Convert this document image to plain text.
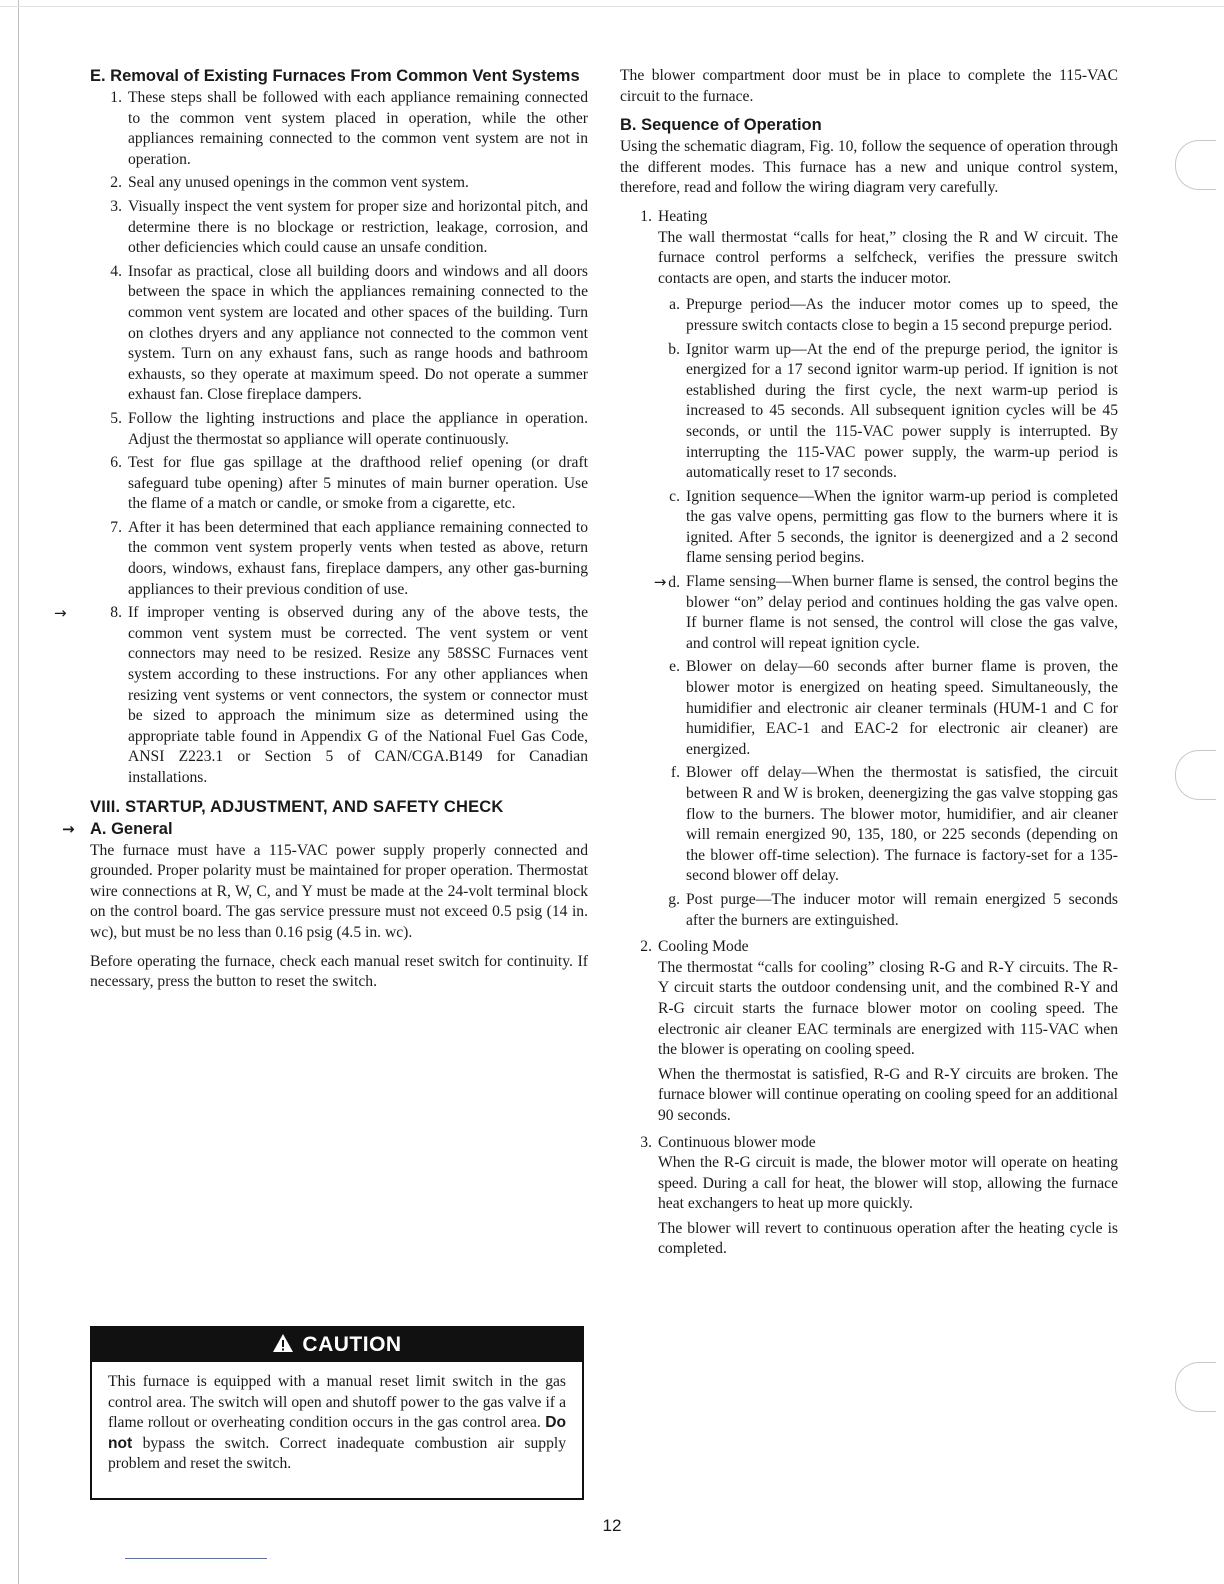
E. Removal of Existing Furnaces From Common Vent Systems
1. These steps shall be followed with each appliance remaining connected to the common vent system placed in operation, while the other appliances remaining connected to the common vent system are not in operation.
2. Seal any unused openings in the common vent system.
3. Visually inspect the vent system for proper size and horizontal pitch, and determine there is no blockage or restriction, leakage, corrosion, and other deficiencies which could cause an unsafe condition.
4. Insofar as practical, close all building doors and windows and all doors between the space in which the appliances remaining connected to the common vent system are located and other spaces of the building. Turn on clothes dryers and any appliance not connected to the common vent system. Turn on any exhaust fans, such as range hoods and bathroom exhausts, so they operate at maximum speed. Do not operate a summer exhaust fan. Close fireplace dampers.
5. Follow the lighting instructions and place the appliance in operation. Adjust the thermostat so appliance will operate continuously.
6. Test for flue gas spillage at the drafthood relief opening (or draft safeguard tube opening) after 5 minutes of main burner operation. Use the flame of a match or candle, or smoke from a cigarette, etc.
7. After it has been determined that each appliance remaining connected to the common vent system properly vents when tested as above, return doors, windows, exhaust fans, fireplace dampers, any other gas-burning appliances to their previous condition of use.
→	8. If improper venting is observed during any of the above tests, the common vent system must be corrected. The vent system or vent connectors may need to be resized. Resize any 58SSC Furnaces vent system according to these instructions. For any other appliances when resizing vent systems or vent connectors, the system or connector must be sized to approach the minimum size as determined using the appropriate table found in Appendix G of the National Fuel Gas Code, ANSI Z223.1 or Section 5 of CAN/CGA.B149 for Canadian installations.
VIII. STARTUP, ADJUSTMENT, AND SAFETY CHECK
→ A. General

The furnace must have a 115-VAC power supply properly connected and grounded. Proper polarity must be maintained for proper operation. Thermostat wire connections at R, W, C, and Y must be made at the 24-volt terminal block on the control board. The gas service pressure must not exceed 0.5 psig (14 in. wc), but must be no less than 0.16 psig (4.5 in. wc).

Before operating the furnace, check each manual reset switch for continuity. If necessary, press the button to reset the switch.

CAUTION
This furnace is equipped with a manual reset limit switch in the gas control area. The switch will open and shutoff power to the gas valve if a flame rollout or overheating condition occurs in the gas control area. Do not bypass the switch. Correct inadequate combustion air supply problem and reset the switch.

The blower compartment door must be in place to complete the 115-VAC circuit to the furnace.

B. Sequence of Operation

Using the schematic diagram, Fig. 10, follow the sequence of operation through the different modes. This furnace has a new and unique control system, therefore, read and follow the wiring diagram very carefully.

1. Heating
The wall thermostat “calls for heat,” closing the R and W circuit. The furnace control performs a selfcheck, verifies the pressure switch contacts are open, and starts the inducer motor.
a. Prepurge period—As the inducer motor comes up to speed, the pressure switch contacts close to begin a 15 second prepurge period.
b. Ignitor warm up—At the end of the prepurge period, the ignitor is energized for a 17 second ignitor warm-up period. If ignition is not established during the first cycle, the next warm-up period is increased to 45 seconds. All subsequent ignition cycles will be 45 seconds, or until the 115-VAC power supply is interrupted. By interrupting the 115-VAC power supply, the warm-up period is automatically reset to 17 seconds.
c. Ignition sequence—When the ignitor warm-up period is completed the gas valve opens, permitting gas flow to the burners where it is ignited. After 5 seconds, the ignitor is deenergized and a 2 second flame sensing period begins.
→ d. Flame sensing—When burner flame is sensed, the control begins the blower “on” delay period and continues holding the gas valve open. If burner flame is not sensed, the control will close the gas valve, and control will repeat ignition cycle.
e. Blower on delay—60 seconds after burner flame is proven, the blower motor is energized on heating speed. Simultaneously, the humidifier and electronic air cleaner terminals (HUM-1 and C for humidifier, EAC-1 and EAC-2 for electronic air cleaner) are energized.
f. Blower off delay—When the thermostat is satisfied, the circuit between R and W is broken, deenergizing the gas valve stopping gas flow to the burners. The blower motor, humidifier, and air cleaner will remain energized 90, 135, 180, or 225 seconds (depending on the blower off-time selection). The furnace is factory-set for a 135-second blower off delay.
g. Post purge—The inducer motor will remain energized 5 seconds after the burners are extinguished.
2. Cooling Mode
The thermostat “calls for cooling” closing R-G and R-Y circuits. The R-Y circuit starts the outdoor condensing unit, and the combined R-Y and R-G circuit starts the furnace blower motor on cooling speed. The electronic air cleaner EAC terminals are energized with 115-VAC when the blower is operating on cooling speed.
When the thermostat is satisfied, R-G and R-Y circuits are broken. The furnace blower will continue operating on cooling speed for an additional 90 seconds.
3. Continuous blower mode
When the R-G circuit is made, the blower motor will operate on heating speed. During a call for heat, the blower will stop, allowing the furnace heat exchangers to heat up more quickly.
The blower will revert to continuous operation after the heating cycle is completed.
12
